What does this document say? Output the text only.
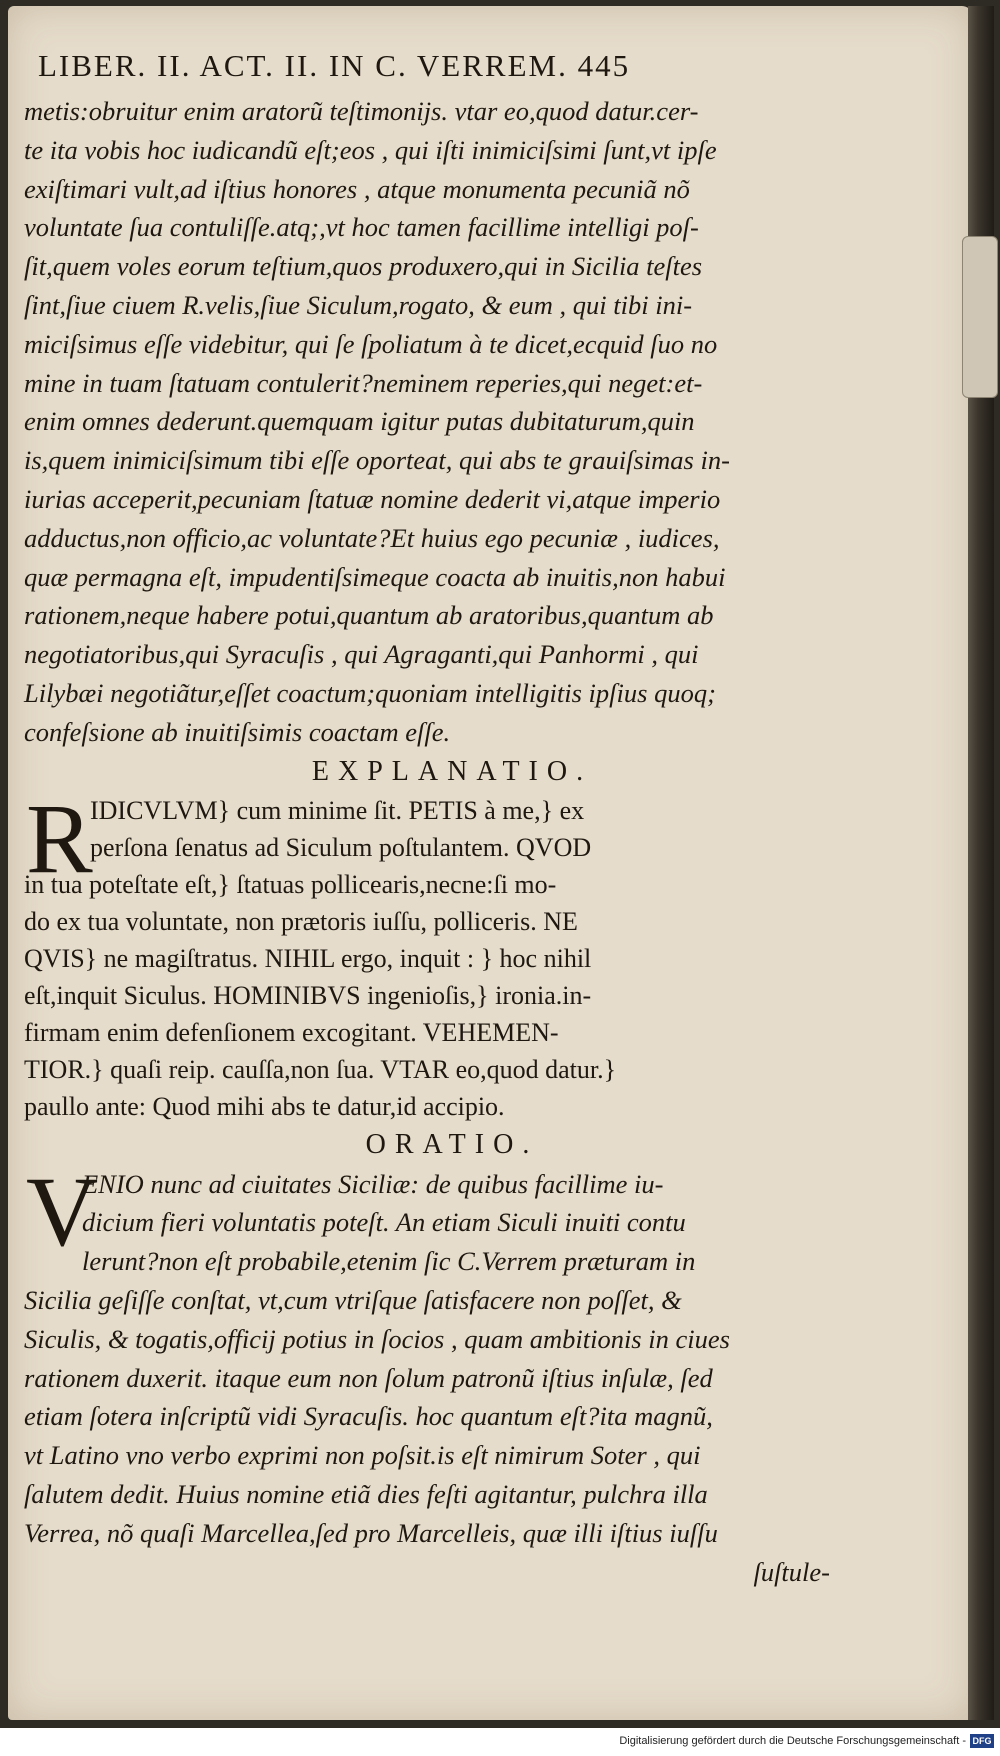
LIBER. II. ACT. II. IN C. VERREM. 445
metis:obruitur enim aratorũ teſtimonijs. vtar eo,quod datur.cer-
te ita vobis hoc iudicandũ eſt;eos , qui iſti inimiciſsimi ſunt,vt ipſe
exiſtimari vult,ad iſtius honores , atque monumenta pecuniã nõ
voluntate ſua contuliſſe.atq;,vt hoc tamen facillime intelligi poſ-
ſit,quem voles eorum teſtium,quos produxero,qui in Sicilia teſtes
ſint,ſiue ciuem R.velis,ſiue Siculum,rogato, & eum , qui tibi ini-
miciſsimus eſſe videbitur, qui ſe ſpoliatum à te dicet,ecquid ſuo no
mine in tuam ſtatuam contulerit?neminem reperies,qui neget:et-
enim omnes dederunt.quemquam igitur putas dubitaturum,quin
is,quem inimiciſsimum tibi eſſe oporteat, qui abs te grauiſsimas in-
iurias acceperit,pecuniam ſtatuæ nomine dederit vi,atque imperio
adductus,non officio,ac voluntate?Et huius ego pecuniæ , iudices,
quæ permagna eſt, impudentiſsimeque coacta ab inuitis,non habui
rationem,neque habere potui,quantum ab aratoribus,quantum ab
negotiatoribus,qui Syracuſis , qui Agraganti,qui Panhormi , qui
Lilybæi negotiãtur,eſſet coactum;quoniam intelligitis ipſius quoq;
confeſsione ab inuitiſsimis coactam eſſe.
EXPLANATIO.
R
IDICVLVM} cum minime ſit. PETIS à me,} ex
perſona ſenatus ad Siculum poſtulantem. QVOD
in tua poteſtate eſt,} ſtatuas pollicearis,necne:ſi mo-
do ex tua voluntate, non prætoris iuſſu, polliceris. NE
QVIS} ne magiſtratus. NIHIL ergo, inquit : } hoc nihil
eſt,inquit Siculus. HOMINIBVS ingenioſis,} ironia.in-
firmam enim defenſionem excogitant. VEHEMEN-
TIOR.} quaſi reip. cauſſa,non ſua. VTAR eo,quod datur.}
paullo ante: Quod mihi abs te datur,id accipio.
ORATIO.
V
ENIO nunc ad ciuitates Siciliæ: de quibus facillime iu-
dicium fieri voluntatis poteſt. An etiam Siculi inuiti contu
lerunt?non eſt probabile,etenim ſic C.Verrem præturam in
Sicilia geſiſſe conſtat, vt,cum vtriſque ſatisfacere non poſſet, &
Siculis, & togatis,officij potius in ſocios , quam ambitionis in ciues
rationem duxerit. itaque eum non ſolum patronũ iſtius inſulæ, ſed
etiam ſotera inſcriptũ vidi Syracuſis. hoc quantum eſt?ita magnũ,
vt Latino vno verbo exprimi non poſsit.is eſt nimirum Soter , qui
ſalutem dedit. Huius nomine etiã dies feſti agitantur, pulchra illa
Verrea, nõ quaſi Marcellea,ſed pro Marcelleis, quæ illi iſtius iuſſu
ſuſtule-
Digitalisierung gefördert durch die Deutsche Forschungsgemeinschaft - DFG
